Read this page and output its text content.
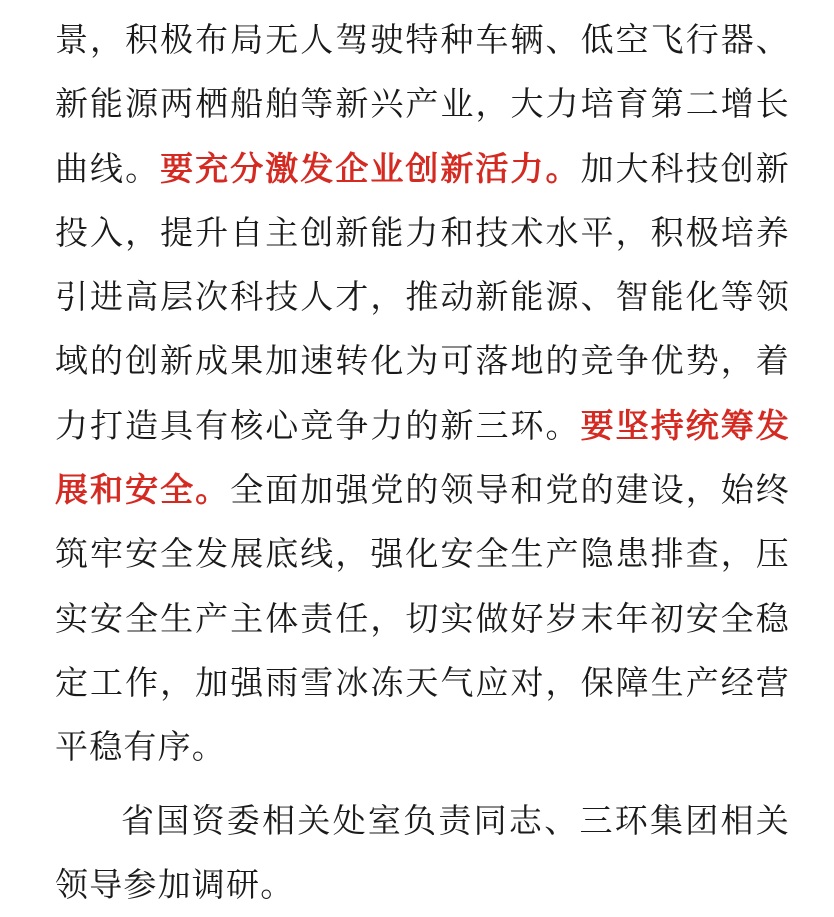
景，积极布局无人驾驶特种车辆、低空飞行器、新能源两栖船舶等新兴产业，大力培育第二增长曲线。要充分激发企业创新活力。加大科技创新投入，提升自主创新能力和技术水平，积极培养引进高层次科技人才，推动新能源、智能化等领域的创新成果加速转化为可落地的竞争优势，着力打造具有核心竞争力的新三环。要坚持统筹发展和安全。全面加强党的领导和党的建设，始终筑牢安全发展底线，强化安全生产隐患排查，压实安全生产主体责任，切实做好岁末年初安全稳定工作，加强雨雪冰冻天气应对，保障生产经营平稳有序。

省国资委相关处室负责同志、三环集团相关领导参加调研。
